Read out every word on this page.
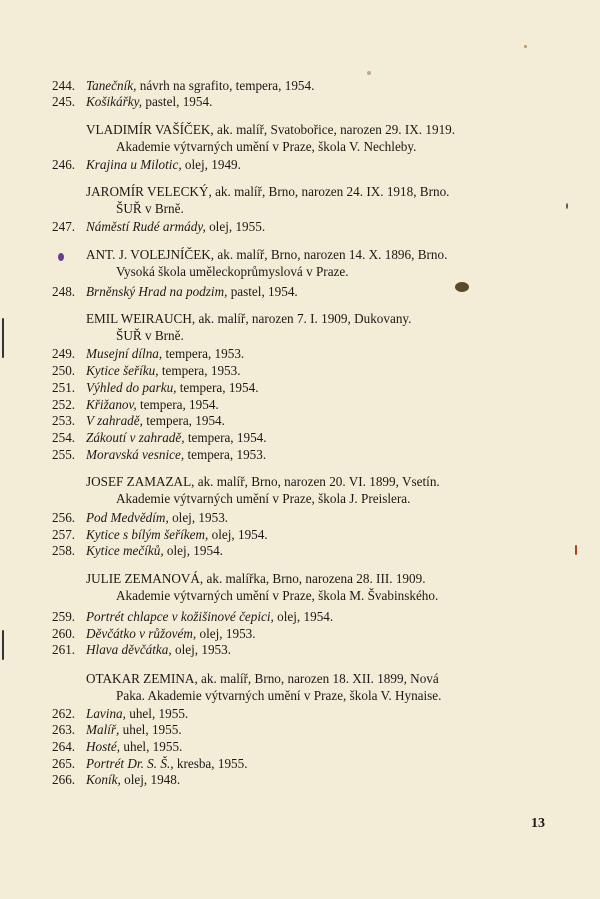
244. Tanečník, návrh na sgrafito, tempera, 1954.
245. Košikářky, pastel, 1954.
VLADIMÍR VAŠÍČEK, ak. malíř, Svatobořice, narozen 29. IX. 1919.
Akademie výtvarných umění v Praze, škola V. Nechleby.
246. Krajina u Milotic, olej, 1949.
JAROMÍR VELECKÝ, ak. malíř, Brno, narozen 24. IX. 1918, Brno.
ŠUŘ v Brně.
247. Náměstí Rudé armády, olej, 1955.
ANT. J. VOLEJNÍČEK, ak. malíř, Brno, narozen 14. X. 1896, Brno.
Vysoká škola uměleckoprůmyslová v Praze.
248. Brněnský Hrad na podzim, pastel, 1954.
EMIL WEIRAUCH, ak. malíř, narozen 7. I. 1909, Dukovany.
ŠUŘ v Brně.
249. Musejní dílna, tempera, 1953.
250. Kytice šeříku, tempera, 1953.
251. Výhled do parku, tempera, 1954.
252. Křižanov, tempera, 1954.
253. V zahradě, tempera, 1954.
254. Zákoutí v zahradě, tempera, 1954.
255. Moravská vesnice, tempera, 1953.
JOSEF ZAMAZAL, ak. malíř, Brno, narozen 20. VI. 1899, Vsetín.
Akademie výtvarných umění v Praze, škola J. Preislera.
256. Pod Medvědím, olej, 1953.
257. Kytice s bílým šeříkem, olej, 1954.
258. Kytice mečíků, olej, 1954.
JULIE ZEMANOVÁ, ak. malířka, Brno, narozena 28. III. 1909.
Akademie výtvarných umění v Praze, škola M. Švabinského.
259. Portrét chlapce v kožišinové čepici, olej, 1954.
260. Děvčátko v růžovém, olej, 1953.
261. Hlava děvčátka, olej, 1953.
OTAKAR ZEMINA, ak. malíř, Brno, narozen 18. XII. 1899, Nová
Paka. Akademie výtvarných umění v Praze, škola V. Hynaise.
262. Lavina, uhel, 1955.
263. Malíř, uhel, 1955.
264. Hosté, uhel, 1955.
265. Portrét Dr. S. Š., kresba, 1955.
266. Koník, olej, 1948.
13
